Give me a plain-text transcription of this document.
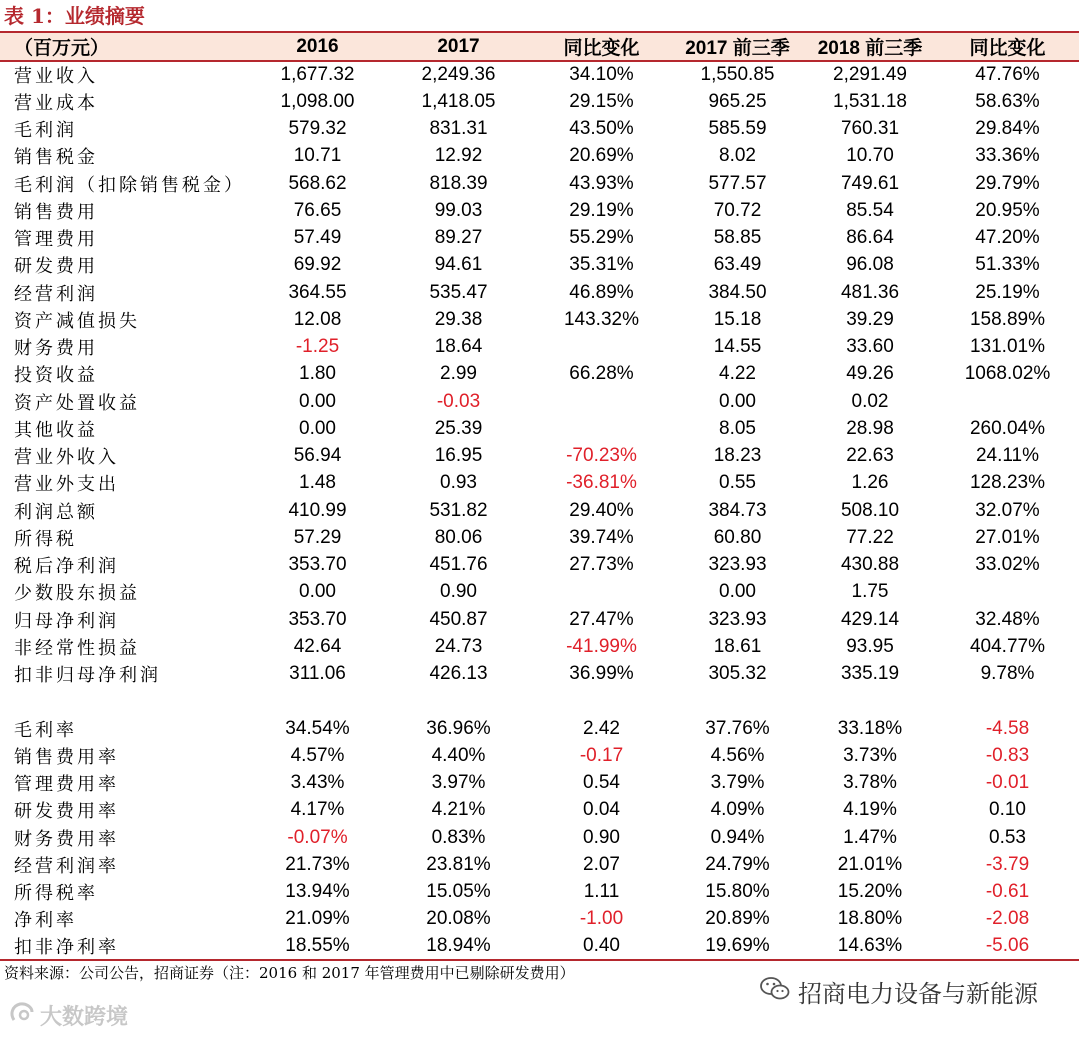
表 1：业绩摘要
（百万元）	2016	2017	同比变化	2017 前三季	2018 前三季	同比变化
营业收入	1,677.32	2,249.36	34.10%	1,550.85	2,291.49	47.76%
营业成本	1,098.00	1,418.05	29.15%	965.25	1,531.18	58.63%
毛利润	579.32	831.31	43.50%	585.59	760.31	29.84%
销售税金	10.71	12.92	20.69%	8.02	10.70	33.36%
毛利润（扣除销售税金）	568.62	818.39	43.93%	577.57	749.61	29.79%
销售费用	76.65	99.03	29.19%	70.72	85.54	20.95%
管理费用	57.49	89.27	55.29%	58.85	86.64	47.20%
研发费用	69.92	94.61	35.31%	63.49	96.08	51.33%
经营利润	364.55	535.47	46.89%	384.50	481.36	25.19%
资产减值损失	12.08	29.38	143.32%	15.18	39.29	158.89%
财务费用	-1.25	18.64		14.55	33.60	131.01%
投资收益	1.80	2.99	66.28%	4.22	49.26	1068.02%
资产处置收益	0.00	-0.03		0.00	0.02	
其他收益	0.00	25.39		8.05	28.98	260.04%
营业外收入	56.94	16.95	-70.23%	18.23	22.63	24.11%
营业外支出	1.48	0.93	-36.81%	0.55	1.26	128.23%
利润总额	410.99	531.82	29.40%	384.73	508.10	32.07%
所得税	57.29	80.06	39.74%	60.80	77.22	27.01%
税后净利润	353.70	451.76	27.73%	323.93	430.88	33.02%
少数股东损益	0.00	0.90		0.00	1.75	
归母净利润	353.70	450.87	27.47%	323.93	429.14	32.48%
非经常性损益	42.64	24.73	-41.99%	18.61	93.95	404.77%
扣非归母净利润	311.06	426.13	36.99%	305.32	335.19	9.78%

毛利率	34.54%	36.96%	2.42	37.76%	33.18%	-4.58
销售费用率	4.57%	4.40%	-0.17	4.56%	3.73%	-0.83
管理费用率	3.43%	3.97%	0.54	3.79%	3.78%	-0.01
研发费用率	4.17%	4.21%	0.04	4.09%	4.19%	0.10
财务费用率	-0.07%	0.83%	0.90	0.94%	1.47%	0.53
经营利润率	21.73%	23.81%	2.07	24.79%	21.01%	-3.79
所得税率	13.94%	15.05%	1.11	15.80%	15.20%	-0.61
净利率	21.09%	20.08%	-1.00	20.89%	18.80%	-2.08
扣非净利率	18.55%	18.94%	0.40	19.69%	14.63%	-5.06
资料来源：公司公告，招商证券（注：2016 和 2017 年管理费用中已剔除研发费用）
招商电力设备与新能源
大数跨境
